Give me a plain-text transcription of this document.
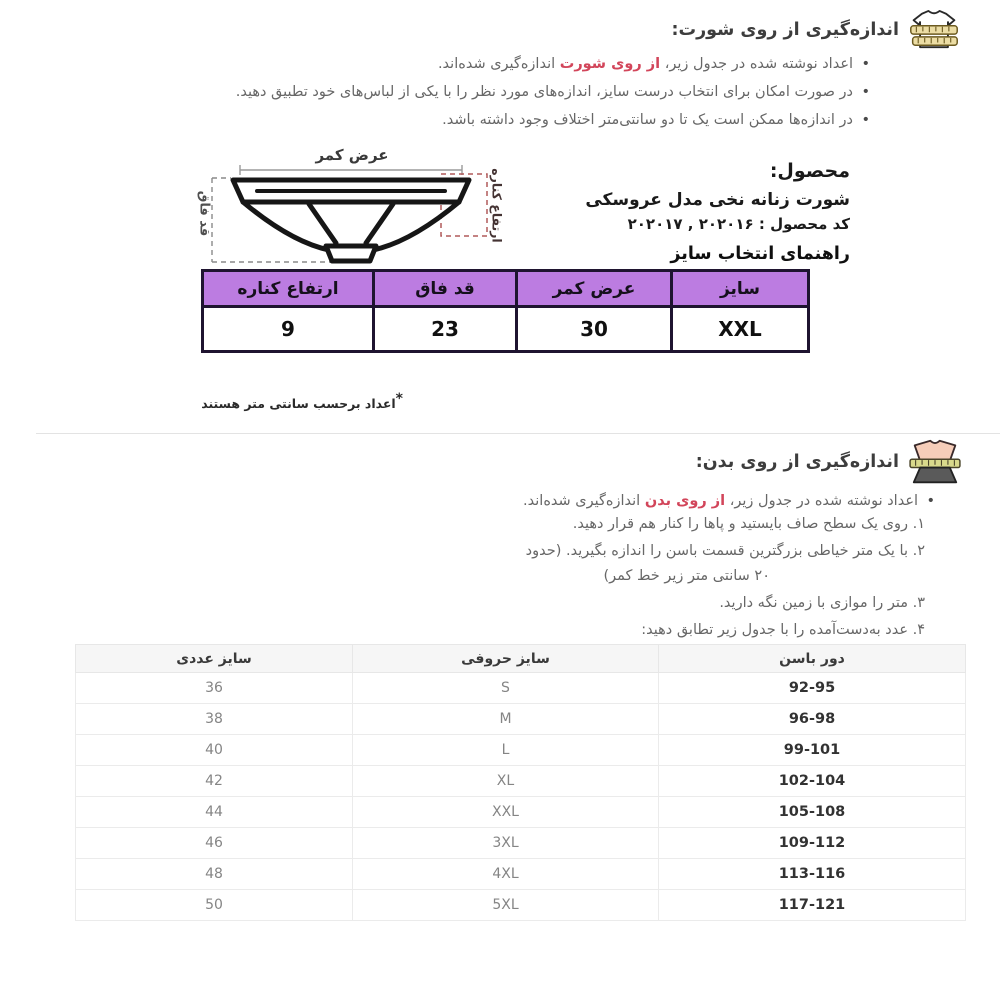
اندازه‌گیری از روی شورت:
• اعداد نوشته شده در جدول زیر، از روی شورت اندازه‌گیری شده‌اند.
• در صورت امکان برای انتخاب درست سایز، اندازه‌های مورد نظر را با یکی از لباس‌های خود تطبیق دهید.
• در اندازه‌ها ممکن است یک تا دو سانتی‌متر اختلاف وجود داشته باشد.
عرض کمر
قد فاق	ارتفاع کناره	محصول:
شورت زنانه نخی مدل عروسکی
کد محصول : ۲۰۲۰۱۶ , ۲۰۲۰۱۷
راهنمای انتخاب سایز
سایز	عرض کمر	قد فاق	ارتفاع کناره
XXL	30	23	9
*اعداد برحسب سانتی متر هستند
اندازه‌گیری از روی بدن:
• اعداد نوشته شده در جدول زیر، از روی بدن اندازه‌گیری شده‌اند.
۱. روی یک سطح صاف بایستید و پاها را کنار هم قرار دهید.
۲. با یک متر خیاطی بزرگترین قسمت باسن را اندازه بگیرید. (حدود
۲۰ سانتی متر زیر خط کمر)
۳. متر را موازی با زمین نگه دارید.
۴. عدد به‌دست‌آمده را با جدول زیر تطابق دهید:
دور باسن	سایز حروفی	سایز عددی
92-95	S	36
96-98	M	38
99-101	L	40
102-104	XL	42
105-108	XXL	44
109-112	3XL	46
113-116	4XL	48
117-121	5XL	50
